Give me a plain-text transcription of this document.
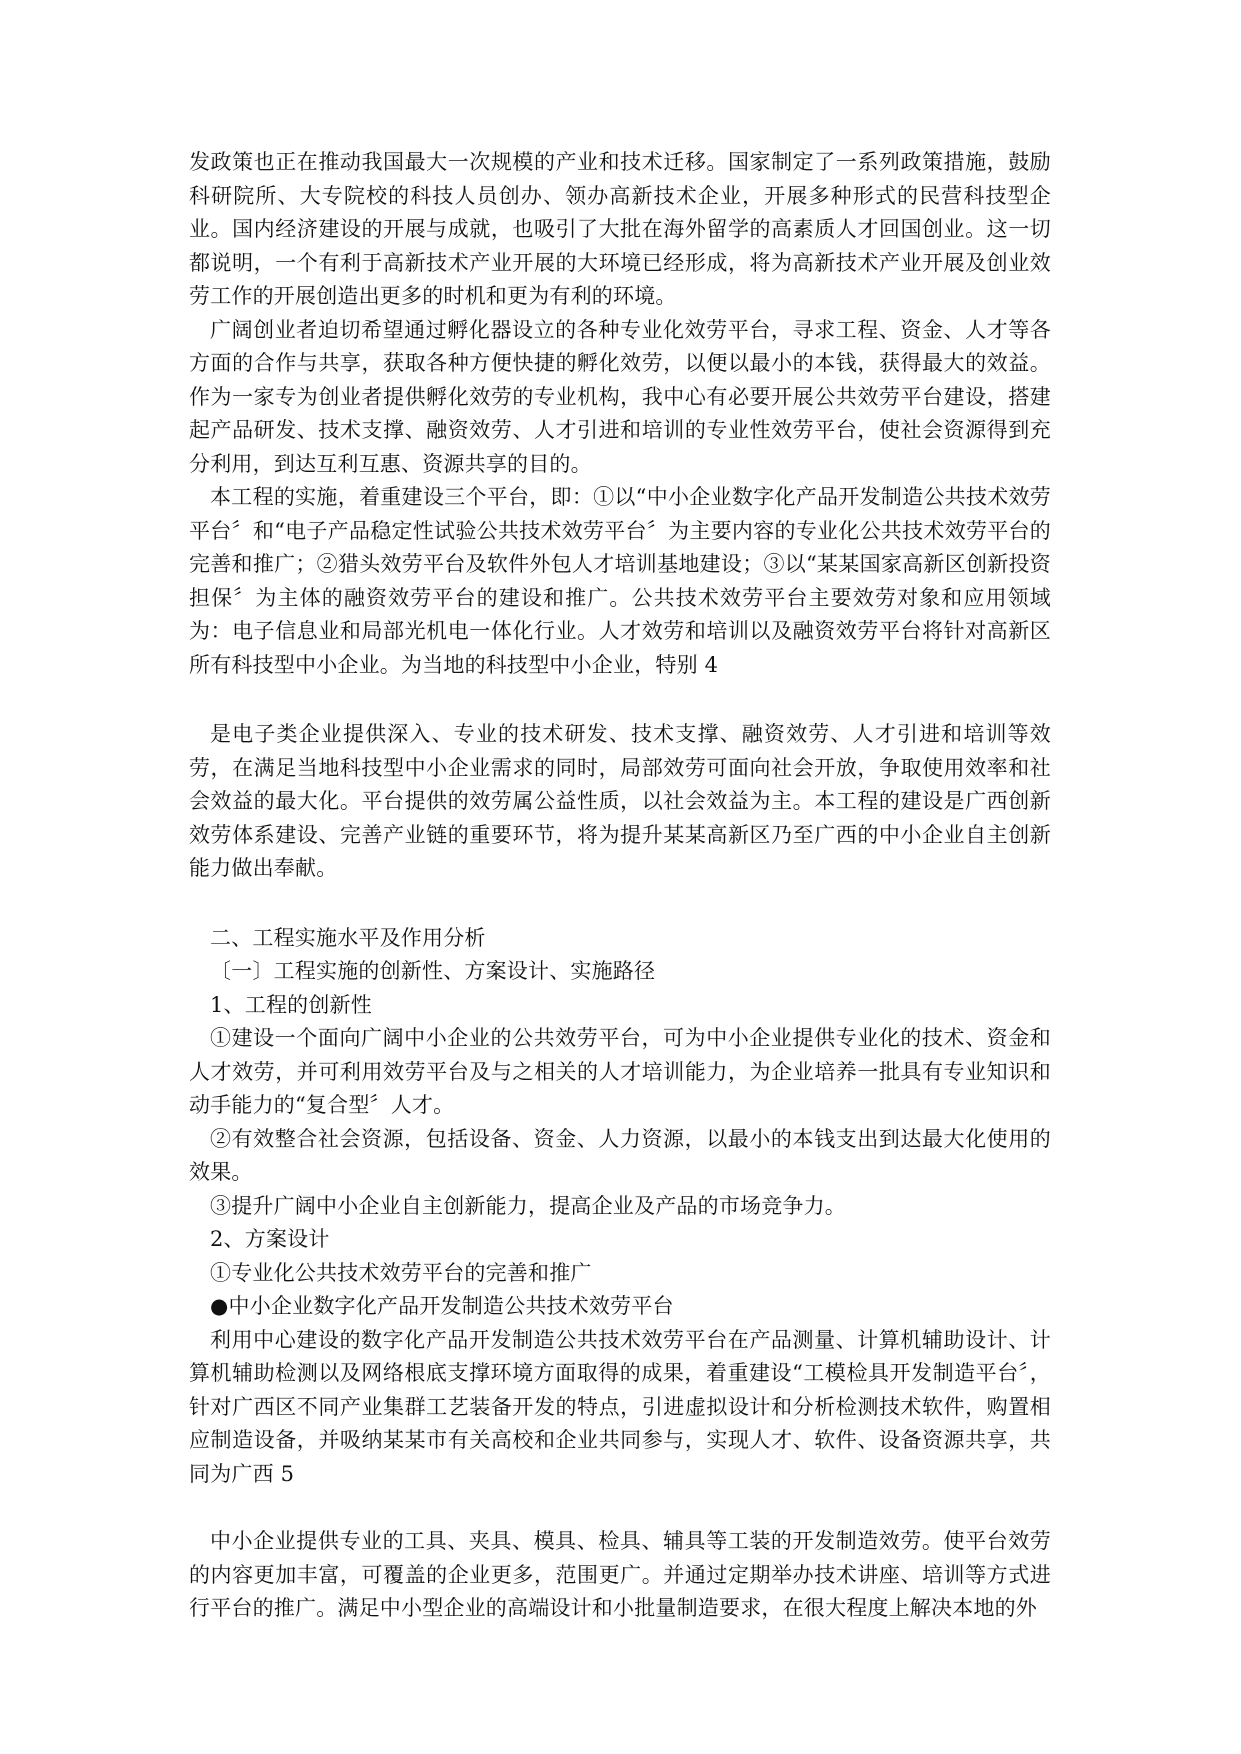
发政策也正在推动我国最大一次规模的产业和技术迁移。国家制定了一系列政策措施，鼓励科研院所、大专院校的科技人员创办、领办高新技术企业，开展多种形式的民营科技型企业。国内经济建设的开展与成就，也吸引了大批在海外留学的高素质人才回国创业。这一切都说明，一个有利于高新技术产业开展的大环境已经形成，将为高新技术产业开展及创业效劳工作的开展创造出更多的时机和更为有利的环境。

广阔创业者迫切希望通过孵化器设立的各种专业化效劳平台，寻求工程、资金、人才等各方面的合作与共享，获取各种方便快捷的孵化效劳，以便以最小的本钱，获得最大的效益。作为一家专为创业者提供孵化效劳的专业机构，我中心有必要开展公共效劳平台建设，搭建起产品研发、技术支撑、融资效劳、人才引进和培训的专业性效劳平台，使社会资源得到充分利用，到达互利互惠、资源共享的目的。

本工程的实施，着重建设三个平台，即：①以“中小企业数字化产品开发制造公共技术效劳平台〞和“电子产品稳定性试验公共技术效劳平台〞为主要内容的专业化公共技术效劳平台的完善和推广；②猎头效劳平台及软件外包人才培训基地建设；③以“某某国家高新区创新投资担保〞为主体的融资效劳平台的建设和推广。公共技术效劳平台主要效劳对象和应用领域为：电子信息业和局部光机电一体化行业。人才效劳和培训以及融资效劳平台将针对高新区所有科技型中小企业。为当地的科技型中小企业，特别 4

是电子类企业提供深入、专业的技术研发、技术支撑、融资效劳、人才引进和培训等效劳，在满足当地科技型中小企业需求的同时，局部效劳可面向社会开放，争取使用效率和社会效益的最大化。平台提供的效劳属公益性质，以社会效益为主。本工程的建设是广西创新效劳体系建设、完善产业链的重要环节，将为提升某某高新区乃至广西的中小企业自主创新能力做出奉献。

二、工程实施水平及作用分析

〔一〕工程实施的创新性、方案设计、实施路径

1、工程的创新性

①建设一个面向广阔中小企业的公共效劳平台，可为中小企业提供专业化的技术、资金和人才效劳，并可利用效劳平台及与之相关的人才培训能力，为企业培养一批具有专业知识和动手能力的“复合型〞人才。

②有效整合社会资源，包括设备、资金、人力资源，以最小的本钱支出到达最大化使用的效果。

③提升广阔中小企业自主创新能力，提高企业及产品的市场竞争力。

2、方案设计

①专业化公共技术效劳平台的完善和推广

●中小企业数字化产品开发制造公共技术效劳平台

利用中心建设的数字化产品开发制造公共技术效劳平台在产品测量、计算机辅助设计、计算机辅助检测以及网络根底支撑环境方面取得的成果，着重建设“工模检具开发制造平台〞，针对广西区不同产业集群工艺装备开发的特点，引进虚拟设计和分析检测技术软件，购置相应制造设备，并吸纳某某市有关高校和企业共同参与，实现人才、软件、设备资源共享，共同为广西 5

中小企业提供专业的工具、夹具、模具、检具、辅具等工装的开发制造效劳。使平台效劳的内容更加丰富，可覆盖的企业更多，范围更广。并通过定期举办技术讲座、培训等方式进行平台的推广。满足中小型企业的高端设计和小批量制造要求，在很大程度上解决本地的外
